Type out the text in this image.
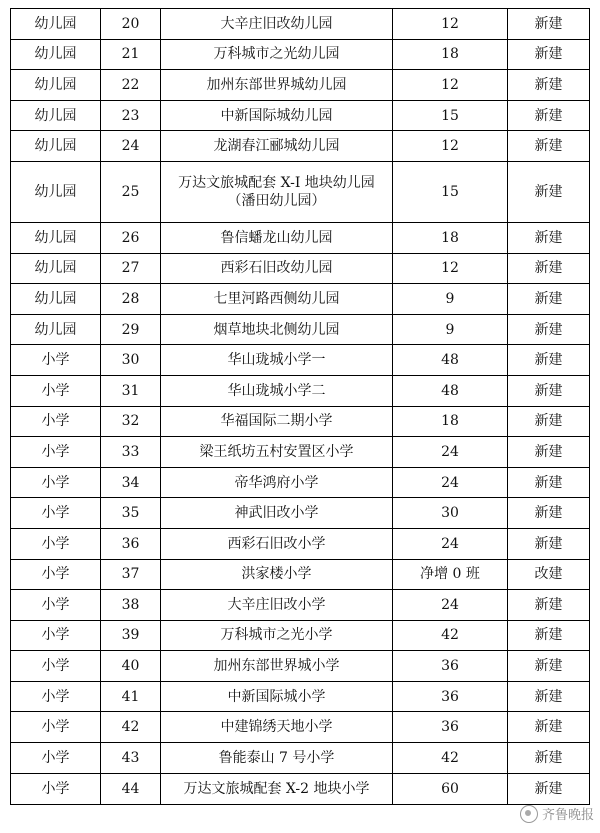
幼儿园	20	大辛庄旧改幼儿园	12	新建
幼儿园	21	万科城市之光幼儿园	18	新建
幼儿园	22	加州东部世界城幼儿园	12	新建
幼儿园	23	中新国际城幼儿园	15	新建
幼儿园	24	龙湖春江郦城幼儿园	12	新建
幼儿园	25	万达文旅城配套 X-I 地块幼儿园（潘田幼儿园）	15	新建
幼儿园	26	鲁信蟠龙山幼儿园	18	新建
幼儿园	27	西彩石旧改幼儿园	12	新建
幼儿园	28	七里河路西侧幼儿园	9	新建
幼儿园	29	烟草地块北侧幼儿园	9	新建
小学	30	华山珑城小学一	48	新建
小学	31	华山珑城小学二	48	新建
小学	32	华福国际二期小学	18	新建
小学	33	梁王纸坊五村安置区小学	24	新建
小学	34	帝华鸿府小学	24	新建
小学	35	神武旧改小学	30	新建
小学	36	西彩石旧改小学	24	新建
小学	37	洪家楼小学	净增 0 班	改建
小学	38	大辛庄旧改小学	24	新建
小学	39	万科城市之光小学	42	新建
小学	40	加州东部世界城小学	36	新建
小学	41	中新国际城小学	36	新建
小学	42	中建锦绣天地小学	36	新建
小学	43	鲁能泰山 7 号小学	42	新建
小学	44	万达文旅城配套 X-2 地块小学	60	新建
齐鲁晚报
